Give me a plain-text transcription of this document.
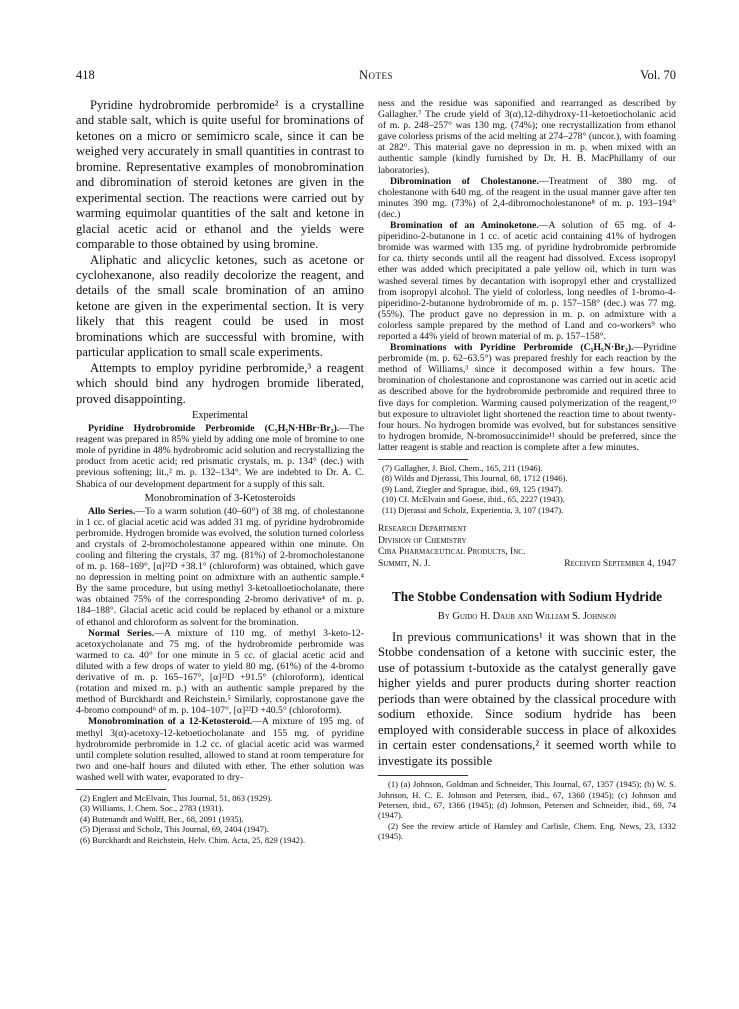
418	Notes	Vol. 70

Pyridine hydrobromide perbromide² is a crystalline and stable salt, which is quite useful for brominations of ketones on a micro or semimicro scale, since it can be weighed very accurately in small quantities in contrast to bromine. Representative examples of monobromination and dibromination of steroid ketones are given in the experimental section. The reactions were carried out by warming equimolar quantities of the salt and ketone in glacial acetic acid or ethanol and the yields were comparable to those obtained by using bromine.

Aliphatic and alicyclic ketones, such as acetone or cyclohexanone, also readily decolorize the reagent, and details of the small scale bromination of an amino ketone are given in the experimental section. It is very likely that this reagent could be used in most brominations which are successful with bromine, with particular application to small scale experiments.

Attempts to employ pyridine perbromide,³ a reagent which should bind any hydrogen bromide liberated, proved disappointing.

Experimental

Pyridine Hydrobromide Perbromide (C₅H₅N·HBr·Br₂).—The reagent was prepared in 85% yield by adding one mole of bromine to one mole of pyridine in 48% hydrobromic acid solution and recrystallizing the product from acetic acid; red prismatic crystals, m. p. 134° (dec.) with previous softening; lit.,² m. p. 132–134°. We are indebted to Dr. A. C. Shabica of our development department for a supply of this salt.

Monobromination of 3-Ketosteroids

Allo Series.—To a warm solution (40–60°) of 38 mg. of cholestanone in 1 cc. of glacial acetic acid was added 31 mg. of pyridine hydrobromide perbromide. Hydrogen bromide was evolved, the solution turned colorless and crystals of 2-bromocholestanone appeared within one minute. On cooling and filtering the crystals, 37 mg. (81%) of 2-bromocholestanone of m. p. 168–169°, [α]²²D +38.1° (chloroform) was obtained, which gave no depression in melting point on admixture with an authentic sample.⁴ By the same procedure, but using methyl 3-ketoalloetiocholanate, there was obtained 75% of the corresponding 2-bromo derivative⁴ of m. p. 184–188°. Glacial acetic acid could be replaced by ethanol or a mixture of ethanol and chloroform as solvent for the bromination.

Normal Series.—A mixture of 110 mg. of methyl 3-keto-12-acetoxycholanate and 75 mg. of the hydrobromide perbromide was warmed to ca. 40° for one minute in 5 cc. of glacial acetic acid and diluted with a few drops of water to yield 80 mg. (61%) of the 4-bromo derivative of m. p. 165–167°, [α]²²D +91.5° (chloroform), identical (rotation and mixed m. p.) with an authentic sample prepared by the method of Burckhardt and Reichstein.⁵ Similarly, coprostanone gave the 4-bromo compound⁶ of m. p. 104–107°, [α]²²D +40.5° (chloroform).

Monobromination of a 12-Ketosteroid.—A mixture of 195 mg. of methyl 3(α)-acetoxy-12-ketoetiocholanate and 155 mg. of pyridine hydrobromide perbromide in 1.2 cc. of glacial acetic acid was warmed until complete solution resulted, allowed to stand at room temperature for two and one-half hours and diluted with ether. The ether solution was washed well with water, evaporated to dry-

(2) Englert and McElvain, This Journal, 51, 863 (1929).
(3) Williams, J. Chem. Soc., 2783 (1931).
(4) Butenandt and Wolff, Ber., 68, 2091 (1935).
(5) Djerassi and Scholz, This Journal, 69, 2404 (1947).
(6) Burckhardt and Reichstein, Helv. Chim. Acta, 25, 829 (1942).

ness and the residue was saponified and rearranged as described by Gallagher.⁷ The crude yield of 3(α),12-dihydroxy-11-ketoetiocholanic acid of m. p. 248–257° was 130 mg. (74%); one recrystallization from ethanol gave colorless prisms of the acid melting at 274–278° (uncor.), with foaming at 282°. This material gave no depression in m. p. when mixed with an authentic sample (kindly furnished by Dr. H. B. MacPhillamy of our laboratories).

Dibromination of Cholestanone.—Treatment of 380 mg. of cholestanone with 640 mg. of the reagent in the usual manner gave after ten minutes 390 mg. (73%) of 2,4-dibromocholestanone⁸ of m. p. 193–194° (dec.)

Bromination of an Aminoketone.—A solution of 65 mg. of 4-piperidino-2-butanone in 1 cc. of acetic acid containing 41% of hydrogen bromide was warmed with 135 mg. of pyridine hydrobromide perbromide for ca. thirty seconds until all the reagent had dissolved. Excess isopropyl ether was added which precipitated a pale yellow oil, which in turn was washed several times by decantation with isopropyl ether and crystallized from isopropyl alcohol. The yield of colorless, long needles of 1-bromo-4-piperidino-2-butanone hydrobromide of m. p. 157–158° (dec.) was 77 mg. (55%). The product gave no depression in m. p. on admixture with a colorless sample prepared by the method of Land and co-workers⁹ who reported a 44% yield of brown material of m. p. 157–158°.

Brominations with Pyridine Perbromide (C₅H₅N·Br₂).—Pyridine perbromide (m. p. 62–63.5°) was prepared freshly for each reaction by the method of Williams,³ since it decomposed within a few hours. The bromination of cholestanone and coprostanone was carried out in acetic acid as described above for the hydrobromide perbromide and required three to five days for completion. Warming caused polymerization of the reagent,¹⁰ but exposure to ultraviolet light shortened the reaction time to about twenty-four hours. No hydrogen bromide was evolved, but for substances sensitive to hydrogen bromide, N-bromosuccinimide¹¹ should be preferred, since the latter reagent is stable and reaction is complete after a few minutes.

(7) Gallagher, J. Biol. Chem., 165, 211 (1946).
(8) Wilds and Djerassi, This Journal, 68, 1712 (1946).
(9) Land, Ziegler and Sprague, ibid., 69, 125 (1947).
(10) Cf. McElvain and Goese, ibid., 65, 2227 (1943).
(11) Djerassi and Scholz, Experientia, 3, 107 (1947).
Research Department
Division of Chemistry
Ciba Pharmaceutical Products, Inc.
Summit, N. J.	Received September 4, 1947
The Stobbe Condensation with Sodium Hydride
By Guido H. Daub and William S. Johnson

In previous communications¹ it was shown that in the Stobbe condensation of a ketone with succinic ester, the use of potassium t-butoxide as the catalyst generally gave higher yields and purer products during shorter reaction periods than were obtained by the classical procedure with sodium ethoxide. Since sodium hydride has been employed with considerable success in place of alkoxides in certain ester condensations,² it seemed worth while to investigate its possible

(1) (a) Johnson, Goldman and Schneider, This Journal, 67, 1357 (1945); (b) W. S. Johnson, H. C. E. Johnson and Petersen, ibid., 67, 1360 (1945); (c) Johnson and Petersen, ibid., 67, 1366 (1945); (d) Johnson, Petersen and Schneider, ibid., 69, 74 (1947).

(2) See the review article of Hansley and Carlisle, Chem. Eng. News, 23, 1332 (1945).
